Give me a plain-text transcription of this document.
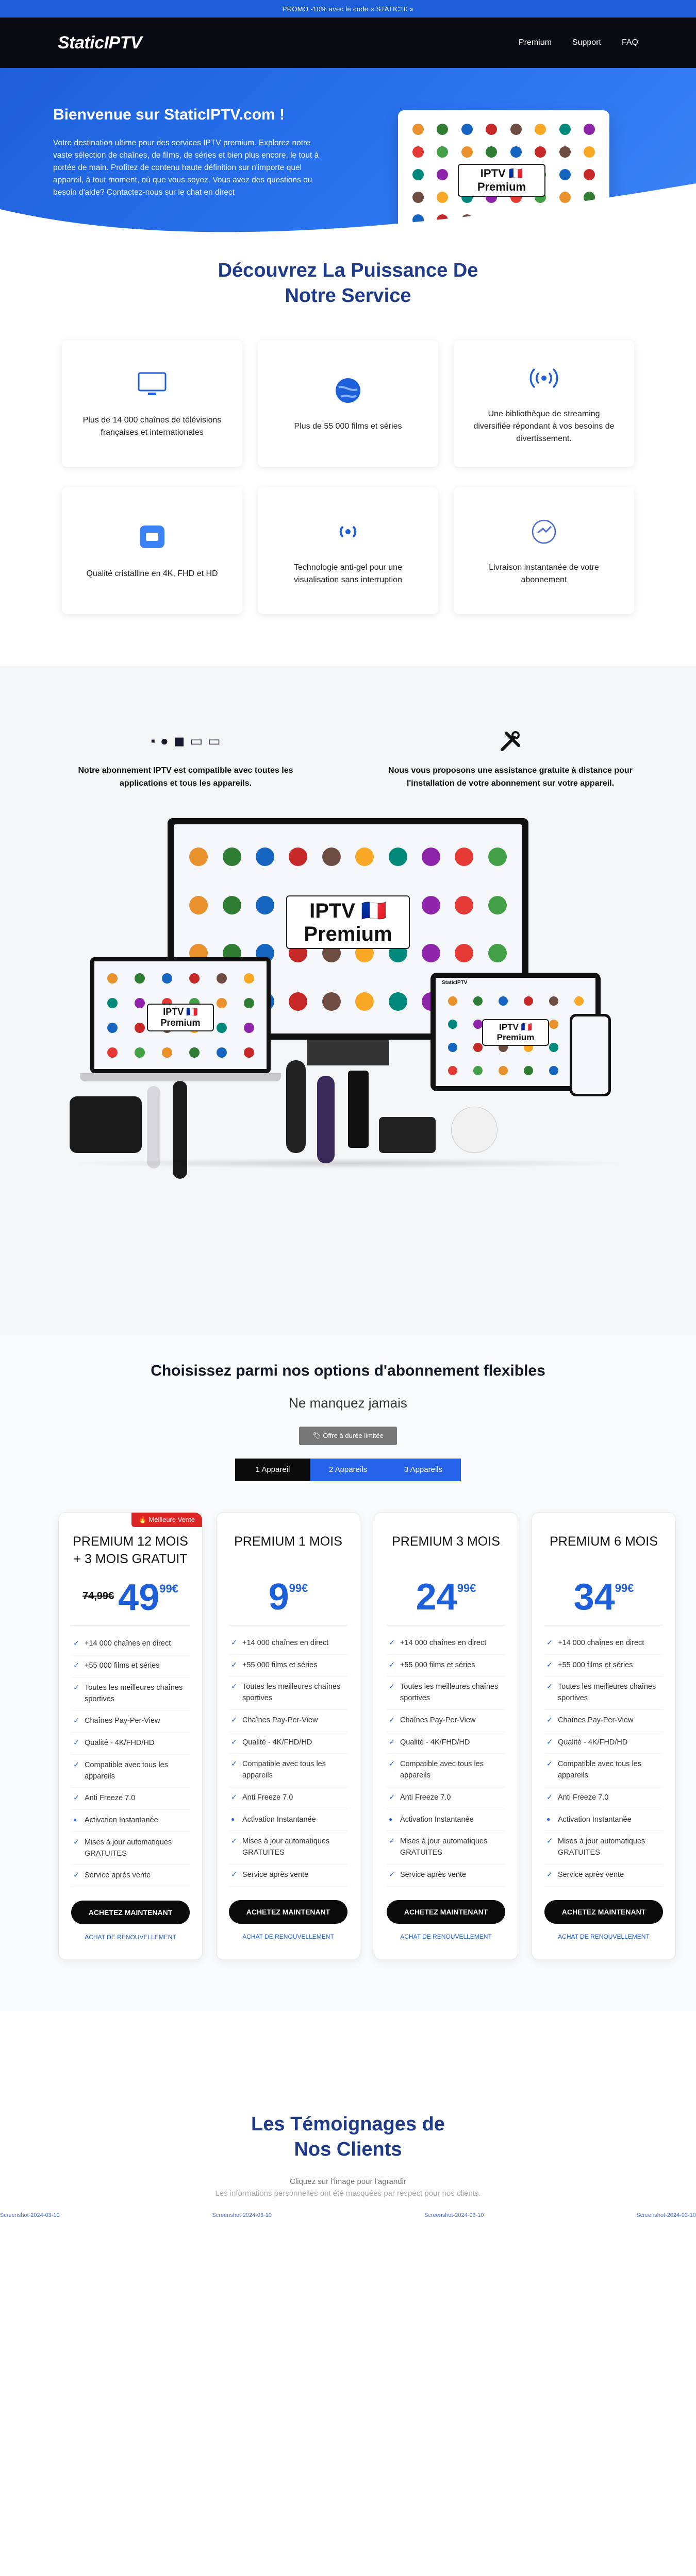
PROMO -10% avec le code « STATIC10 »
StaticIPTV	Premium	Support	FAQ
Bienvenue sur StaticIPTV.com !

Votre destination ultime pour des services IPTV premium. Explorez notre vaste sélection de chaînes, de films, de séries et bien plus encore, le tout à portée de main. Profitez de contenu haute définition sur n'importe quel appareil, à tout moment, où que vous soyez. Vous avez des questions ou besoin d'aide? Contactez-nous sur le chat en direct

IPTV 🇫🇷 Premium
Découvrez La Puissance De Notre Service

Plus de 14 000 chaînes de télévisions françaises et internationales

Plus de 55 000 films et séries

Une bibliothèque de streaming diversifiée répondant à vos besoins de divertissement.

Qualité cristalline en 4K, FHD et HD

Technologie anti-gel pour une visualisation sans interruption

Livraison instantanée de votre abonnement

▪ ● ◼ ▭ ▭

Notre abonnement IPTV est compatible avec toutes les applications et tous les appareils.

Nous vous proposons une assistance gratuite à distance pour l'installation de votre abonnement sur votre appareil.

IPTV 🇫🇷 Premium
IPTV 🇫🇷 Premium
StaticIPTV
IPTV 🇫🇷 Premium
Choisissez parmi nos options d'abonnement flexibles
Ne manquez jamais
🏷 Offre à durée limitée
1 Appareil	2 Appareils	3 Appareils
🔥 Meilleure Vente
PREMIUM 12 MOIS + 3 MOIS GRATUIT
74,99€ 49 99€
✓ +14 000 chaînes en direct
✓ +55 000 films et séries
✓ Toutes les meilleures chaînes sportives
✓ Chaînes Pay-Per-View
✓ Qualité - 4K/FHD/HD
✓ Compatible avec tous les appareils
✓ Anti Freeze 7.0
● Activation Instantanée
✓ Mises à jour automatiques GRATUITES
✓ Service après vente
ACHETEZ MAINTENANT
ACHAT DE RENOUVELLEMENT
PREMIUM 1 MOIS
9 99€
✓ +14 000 chaînes en direct
✓ +55 000 films et séries
✓ Toutes les meilleures chaînes sportives
✓ Chaînes Pay-Per-View
✓ Qualité - 4K/FHD/HD
✓ Compatible avec tous les appareils
✓ Anti Freeze 7.0
● Activation Instantanée
✓ Mises à jour automatiques GRATUITES
✓ Service après vente
ACHETEZ MAINTENANT
ACHAT DE RENOUVELLEMENT
PREMIUM 3 MOIS
24 99€
✓ +14 000 chaînes en direct
✓ +55 000 films et séries
✓ Toutes les meilleures chaînes sportives
✓ Chaînes Pay-Per-View
✓ Qualité - 4K/FHD/HD
✓ Compatible avec tous les appareils
✓ Anti Freeze 7.0
● Activation Instantanée
✓ Mises à jour automatiques GRATUITES
✓ Service après vente
ACHETEZ MAINTENANT
ACHAT DE RENOUVELLEMENT
PREMIUM 6 MOIS
34 99€
✓ +14 000 chaînes en direct
✓ +55 000 films et séries
✓ Toutes les meilleures chaînes sportives
✓ Chaînes Pay-Per-View
✓ Qualité - 4K/FHD/HD
✓ Compatible avec tous les appareils
✓ Anti Freeze 7.0
● Activation Instantanée
✓ Mises à jour automatiques GRATUITES
✓ Service après vente
ACHETEZ MAINTENANT
ACHAT DE RENOUVELLEMENT
Les Témoignages de Nos Clients
Cliquez sur l'image pour l'agrandir
Les informations personnelles ont été masquées par respect pour nos clients.
Screenshot-2024-03-10	Screenshot-2024-03-10	Screenshot-2024-03-10	Screenshot-2024-03-10
